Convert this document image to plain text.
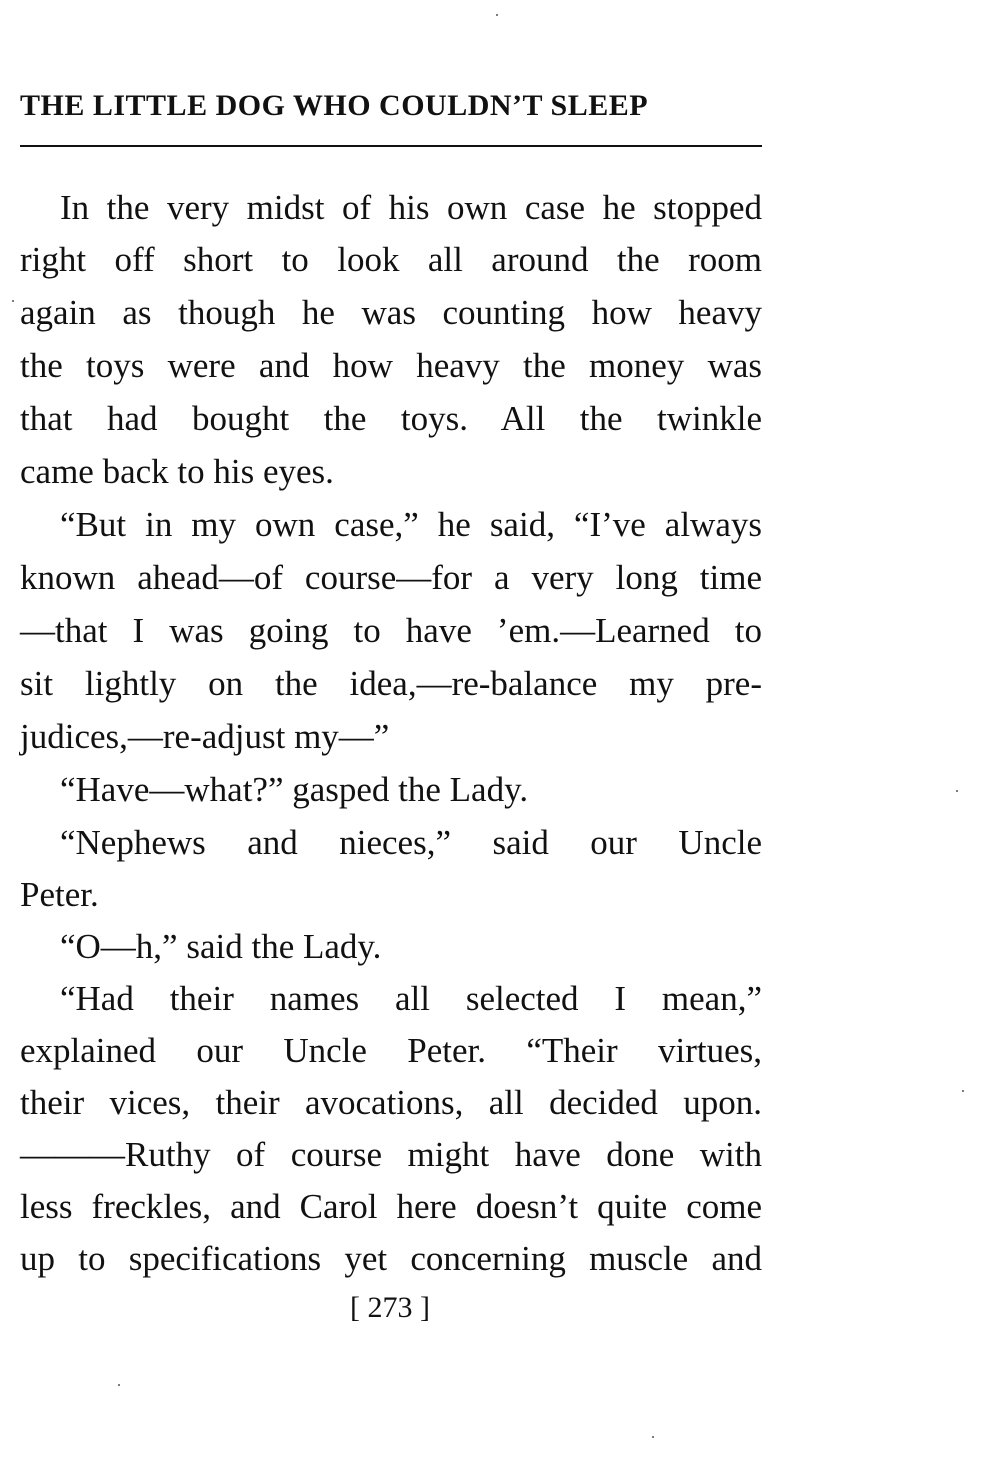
THE LITTLE DOG WHO COULDN’T SLEEP
In the very midst of his own case he stopped
right off short to look all around the room
again as though he was counting how heavy
the toys were and how heavy the money was
that had bought the toys. All the twinkle
came back to his eyes.
“But in my own case,” he said, “I’ve always
known ahead—of course—for a very long time
—that I was going to have ’em.—Learned to
sit lightly on the idea,—re-balance my pre-
judices,—re-adjust my—”
“Have—what?” gasped the Lady.
“Nephews and nieces,” said our Uncle
Peter.
“O—h,” said the Lady.
“Had their names all selected I mean,”
explained our Uncle Peter. “Their virtues,
their vices, their avocations, all decided upon.
———Ruthy of course might have done with
less freckles, and Carol here doesn’t quite come
up to specifications yet concerning muscle and
[ 273 ]
